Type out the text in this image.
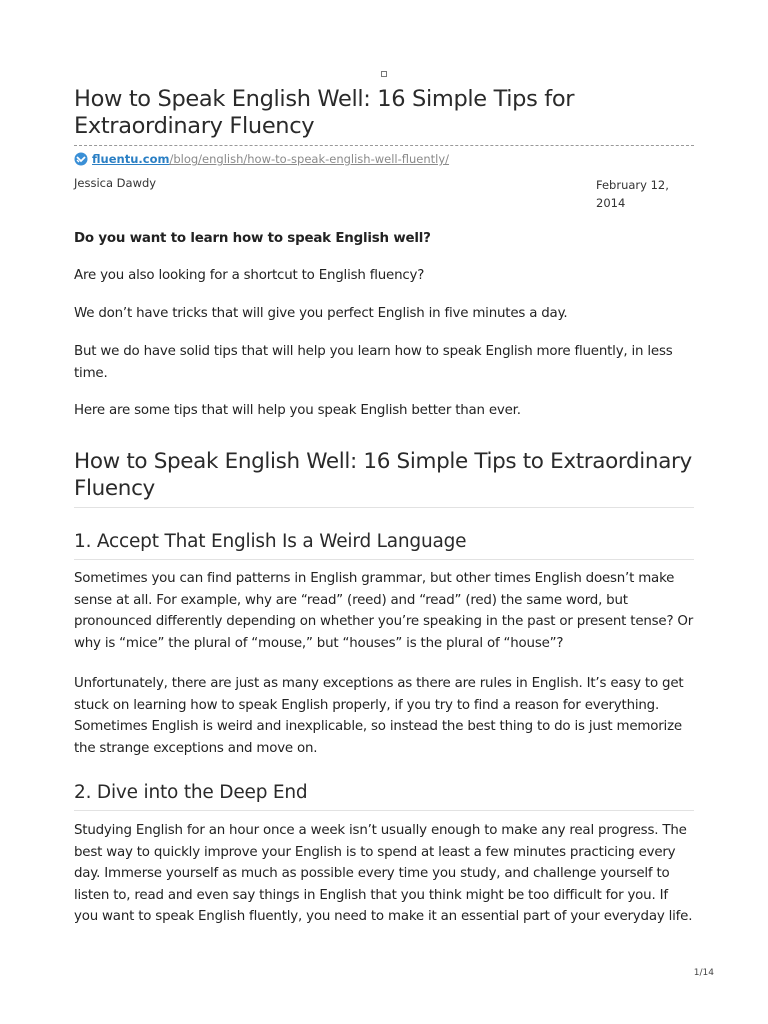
How to Speak English Well: 16 Simple Tips for Extraordinary Fluency
fluentu.com /blog/english/how-to-speak-english-well-fluently/
Jessica Dawdy	February 12, 2014

Do you want to learn how to speak English well?

Are you also looking for a shortcut to English fluency?

We don’t have tricks that will give you perfect English in five minutes a day.

But we do have solid tips that will help you learn how to speak English more fluently, in less time.

Here are some tips that will help you speak English better than ever.

How to Speak English Well: 16 Simple Tips to Extraordinary Fluency
1. Accept That English Is a Weird Language

Sometimes you can find patterns in English grammar, but other times English doesn’t make sense at all. For example, why are “read” (reed) and “read” (red) the same word, but pronounced differently depending on whether you’re speaking in the past or present tense? Or why is “mice” the plural of “mouse,” but “houses” is the plural of “house”?

Unfortunately, there are just as many exceptions as there are rules in English. It’s easy to get stuck on learning how to speak English properly, if you try to find a reason for everything. Sometimes English is weird and inexplicable, so instead the best thing to do is just memorize the strange exceptions and move on.

2. Dive into the Deep End

Studying English for an hour once a week isn’t usually enough to make any real progress. The best way to quickly improve your English is to spend at least a few minutes practicing every day. Immerse yourself as much as possible every time you study, and challenge yourself to listen to, read and even say things in English that you think might be too difficult for you. If you want to speak English fluently, you need to make it an essential part of your everyday life.

1/14
